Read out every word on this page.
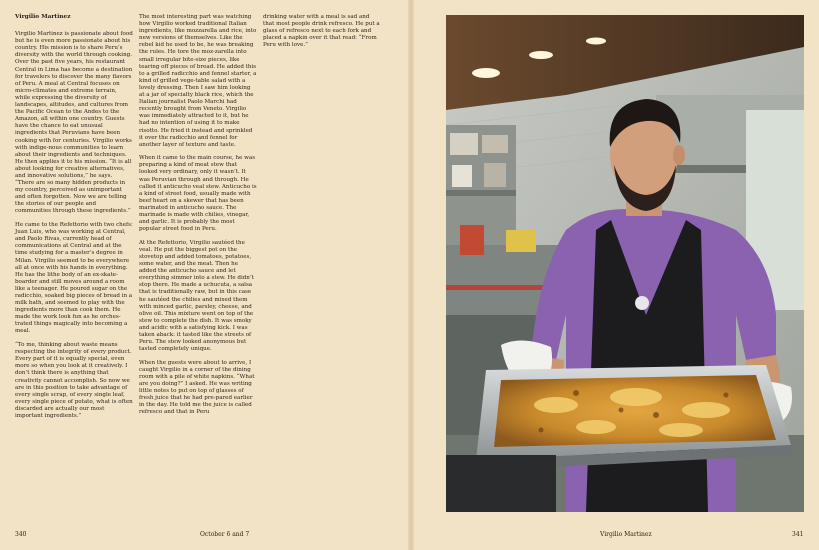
Virgilio Martinez

Virgilio Martinez is passionate about food but he is even more passionate about his country. His mission is to share Peru’s diversity with the world through cooking. Over the past five years, his restaurant Central in Lima has become a destination for travelers to discover the many flavors of Peru. A meal at Central focuses on micro-climates and extreme terrain, while expressing the diversity of landscapes, altitudes, and cultures from the Pacific Ocean to the Andes to the Amazon, all within one country. Guests have the chance to eat unusual ingredients that Peruvians have been cooking with for centuries. Virgilio works with indige-nous communities to learn about their ingredients and techniques. He then applies it to his mission. “It is all about looking for creative alternatives, and innovative solutions,” he says. “There are so many hidden products in my country, perceived as unimportant and often forgotten. Now we are telling the stories of our people and communities through these ingredients.”

He came to the Refettorio with two chefs: Juan Luis, who was working at Central, and Paolo Rivas, currently head of communications at Central and at the time studying for a master’s degree in Milan. Virgilio seemed to be everywhere all at once with his hands in everything. He has the lithe body of an ex-skate-boarder and still moves around a room like a teenager. He poured sugar on the radicchio, soaked big pieces of bread in a milk bath, and seemed to play with the ingredients more than cook them. He made the work look fun as he orches-trated things magically into becoming a meal.

“To me, thinking about waste means respecting the integrity of every product. Every part of it is equally special, even more so when you look at it creatively. I don’t think there is anything that creativity cannot accomplish. So now we are in this position to take advantage of every single scrap, of every single leaf, every single piece of potato, what is often discarded are actually our most important ingredients.”

The most interesting part was watching how Virgilio worked traditional Italian ingredients, like mozzarella and rice, into new versions of themselves. Like the rebel kid he used to be, he was breaking the rules. He tore the moz-zarella into small irregular bite-size pieces, like tearing off pieces of bread. He added this to a grilled radicchio and fennel starter, a kind of grilled vege-table salad with a lovely dressing. Then I saw him looking at a jar of specialty black rice, which the Italian journalist Paolo Marchi had recently brought from Veneto. Virgilio was immediately attracted to it, but he had no intention of using it to make risotto. He fried it instead and sprinkled it over the radicchio and fennel for another layer of texture and taste.

When it came to the main course, he was preparing a kind of meat stew that looked very ordinary, only it wasn’t. It was Peruvian through and through. He called it anticucho veal stew. Anticucho is a kind of street food, usually made with beef heart on a skewer that has been marinated in anticucho sauce. The marinade is made with chilies, vinegar, and garlic. It is probably the most popular street food in Peru.

At the Refettorio, Virgilio sautéed the veal. He put the biggest pot on the stovetop and added tomatoes, potatoes, some water, and the meat. Then he added the anticucho sauce and let everything simmer into a stew. He didn’t stop there. He made a uchucuta, a salsa that is traditionally raw, but in this case he sautéed the chilies and mixed them with minced garlic, parsley, cheese, and olive oil. This mixture went on top of the stew to complete the dish. It was smoky and acidic with a satisfying kick. I was taken aback: it tasted like the streets of Peru. The stew looked anonymous but tasted completely unique.

When the guests were about to arrive, I caught Virgilio in a corner of the dining room with a pile of white napkins. “What are you doing?” I asked. He was writing little notes to put on top of glasses of fresh juice that he had pre-pared earlier in the day. He told me the juice is called refresco and that in Peru

drinking water with a meal is sad and that most people drink refresco. He put a glass of refresco next to each fork and placed a napkin over it that read: “From Peru with love.”

340	October 6 and 7	Virgilio Martinez	341
